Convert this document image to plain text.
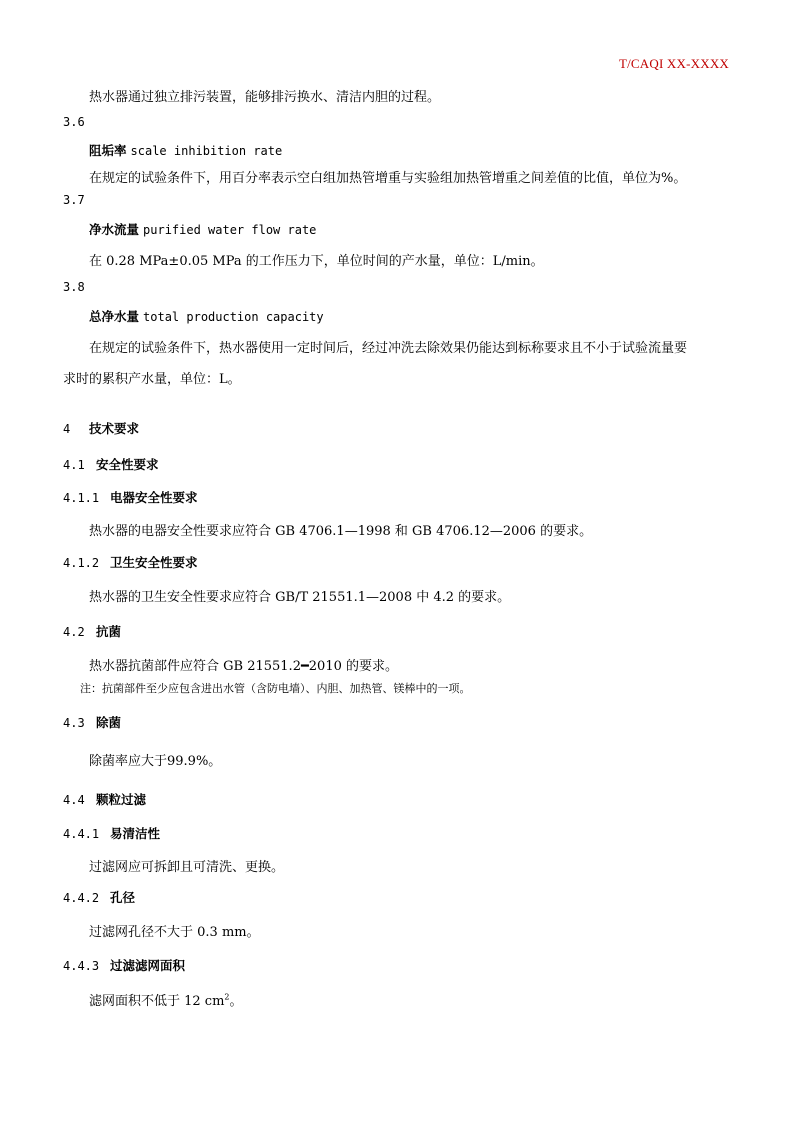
T/CAQI XX-XXXX
热水器通过独立排污装置，能够排污换水、清洁内胆的过程。
3.6
阻垢率 scale inhibition rate
在规定的试验条件下，用百分率表示空白组加热管增重与实验组加热管增重之间差值的比值，单位为%。
3.7
净水流量 purified water flow rate
在 0.28 MPa±0.05 MPa 的工作压力下，单位时间的产水量，单位：L/min。
3.8
总净水量 total production capacity
在规定的试验条件下，热水器使用一定时间后，经过冲洗去除效果仍能达到标称要求且不小于试验流量要
求时的累积产水量，单位：L。
4 技术要求
4.1 安全性要求
4.1.1 电器安全性要求
热水器的电器安全性要求应符合 GB 4706.1—1998 和 GB 4706.12—2006 的要求。
4.1.2 卫生安全性要求
热水器的卫生安全性要求应符合 GB/T 21551.1—2008 中 4.2 的要求。
4.2 抗菌
热水器抗菌部件应符合 GB 21551.2━2010 的要求。
注：抗菌部件至少应包含进出水管（含防电墙）、内胆、加热管、镁棒中的一项。
4.3 除菌
除菌率应大于99.9%。
4.4 颗粒过滤
4.4.1 易清洁性
过滤网应可拆卸且可清洗、更换。
4.4.2 孔径
过滤网孔径不大于 0.3 mm。
4.4.3 过滤滤网面积
滤网面积不低于 12 $cm^2$。
